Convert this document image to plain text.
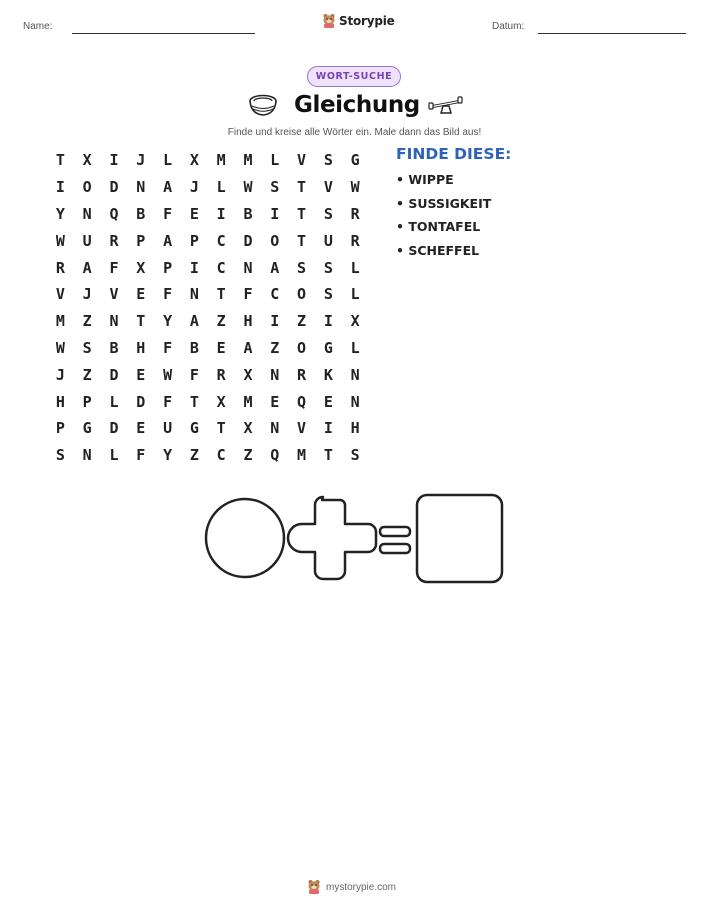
Name:	Storypie	Datum:
WORT-SUCHE
Gleichung
Finde und kreise alle Wörter ein. Male dann das Bild aus!
T	X	I	J	L	X	M	M	L	V	S	G
I	O	D	N	A	J	L	W	S	T	V	W
Y	N	Q	B	F	E	I	B	I	T	S	R
W	U	R	P	A	P	C	D	O	T	U	R
R	A	F	X	P	I	C	N	A	S	S	L
V	J	V	E	F	N	T	F	C	O	S	L
M	Z	N	T	Y	A	Z	H	I	Z	I	X
W	S	B	H	F	B	E	A	Z	O	G	L
J	Z	D	E	W	F	R	X	N	R	K	N
H	P	L	D	F	T	X	M	E	Q	E	N
P	G	D	E	U	G	T	X	N	V	I	H
S	N	L	F	Y	Z	C	Z	Q	M	T	S
FINDE DIESE:
• WIPPE
• SUSSIGKEIT
• TONTAFEL
• SCHEFFEL
mystorypie.com
